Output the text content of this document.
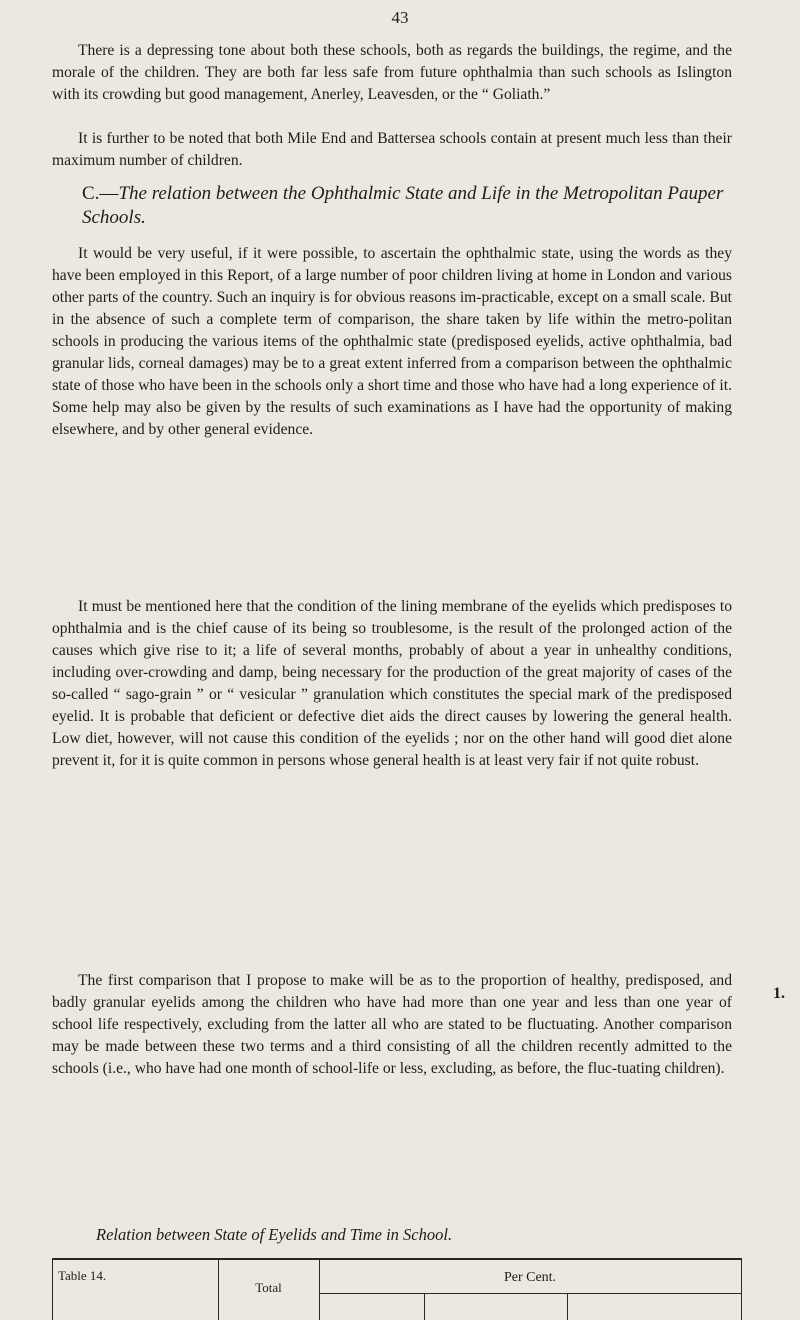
43
There is a depressing tone about both these schools, both as regards the buildings, the regime, and the morale of the children. They are both far less safe from future ophthalmia than such schools as Islington with its crowding but good management, Anerley, Leavesden, or the “ Goliath.”
It is further to be noted that both Mile End and Battersea schools contain at present much less than their maximum number of children.
C.—The relation between the Ophthalmic State and Life in the Metropolitan Pauper Schools.
It would be very useful, if it were possible, to ascertain the ophthalmic state, using the words as they have been employed in this Report, of a large number of poor children living at home in London and various other parts of the country. Such an inquiry is for obvious reasons im-practicable, except on a small scale. But in the absence of such a complete term of comparison, the share taken by life within the metro-politan schools in producing the various items of the ophthalmic state (predisposed eyelids, active ophthalmia, bad granular lids, corneal damages) may be to a great extent inferred from a comparison between the ophthalmic state of those who have been in the schools only a short time and those who have had a long experience of it. Some help may also be given by the results of such examinations as I have had the opportunity of making elsewhere, and by other general evidence.
It must be mentioned here that the condition of the lining membrane of the eyelids which predisposes to ophthalmia and is the chief cause of its being so troublesome, is the result of the prolonged action of the causes which give rise to it; a life of several months, probably of about a year in unhealthy conditions, including over-crowding and damp, being necessary for the production of the great majority of cases of the so-called “ sago-grain ” or “ vesicular ” granulation which constitutes the special mark of the predisposed eyelid. It is probable that deficient or defective diet aids the direct causes by lowering the general health. Low diet, however, will not cause this condition of the eyelids ; nor on the other hand will good diet alone prevent it, for it is quite common in persons whose general health is at least very fair if not quite robust.
The first comparison that I propose to make will be as to the proportion of healthy, predisposed, and badly granular eyelids among the children who have had more than one year and less than one year of school life respectively, excluding from the latter all who are stated to be fluctuating. Another comparison may be made between these two terms and a third consisting of all the children recently admitted to the schools (i.e., who have had one month of school-life or less, excluding, as before, the fluc-tuating children).
1.
Relation between State of Eyelids and Time in School.
Table 14.
Total
Per Cent.
